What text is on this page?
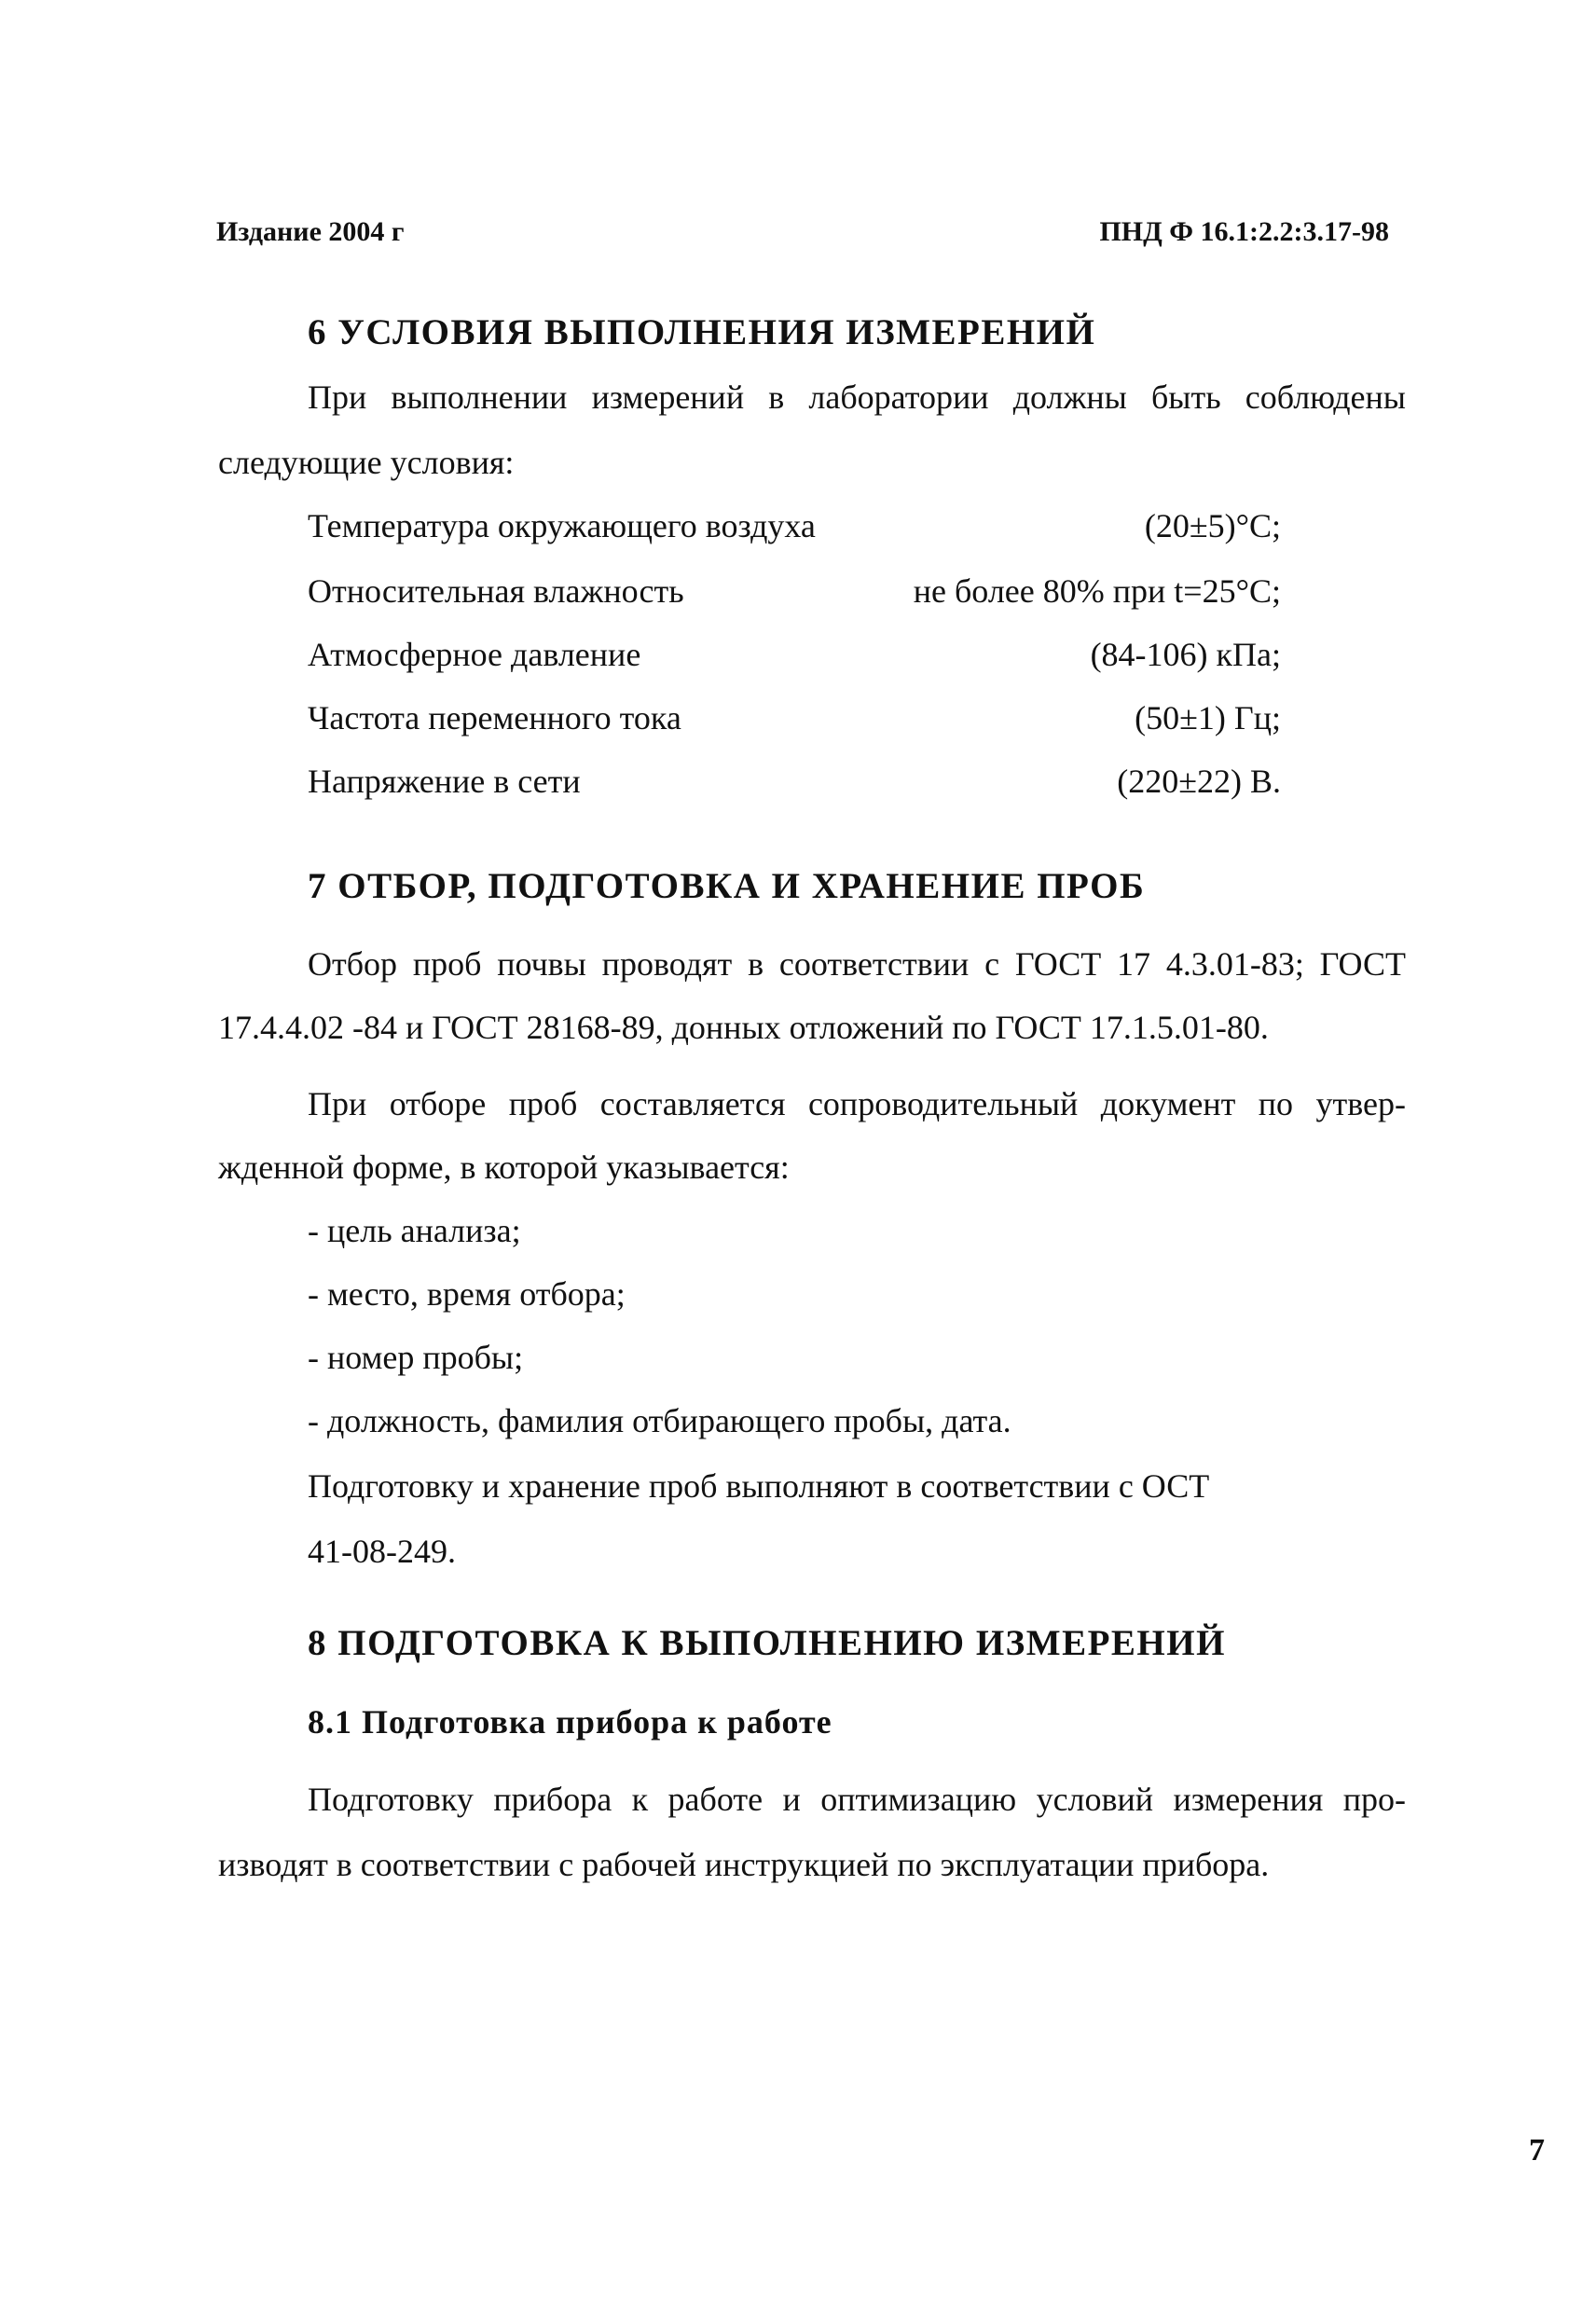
Издание 2004 г	ПНД Ф 16.1:2.2:3.17-98
6 УСЛОВИЯ ВЫПОЛНЕНИЯ ИЗМЕРЕНИЙ
При выполнении измерений в лаборатории должны быть соблюдены
следующие условия:
Температура окружающего воздуха	(20±5)°С;
Относительная влажность	не более 80% при t=25°С;
Атмосферное давление	(84-106) кПа;
Частота переменного тока	(50±1) Гц;
Напряжение в сети	(220±22) В.
7 ОТБОР, ПОДГОТОВКА И ХРАНЕНИЕ ПРОБ
Отбор проб почвы проводят в соответствии с ГОСТ 17 4.3.01-83; ГОСТ
17.4.4.02 -84 и ГОСТ 28168-89, донных отложений по ГОСТ 17.1.5.01-80.
При отборе проб составляется сопроводительный документ по утвер-
жденной форме, в которой указывается:
- цель анализа;
- место, время отбора;
- номер пробы;
- должность, фамилия отбирающего пробы, дата.
Подготовку и хранение проб выполняют в соответствии с ОСТ
41-08-249.
8 ПОДГОТОВКА К ВЫПОЛНЕНИЮ ИЗМЕРЕНИЙ
8.1 Подготовка прибора к работе
Подготовку прибора к работе и оптимизацию условий измерения про-
изводят в соответствии с рабочей инструкцией по эксплуатации прибора.
7
